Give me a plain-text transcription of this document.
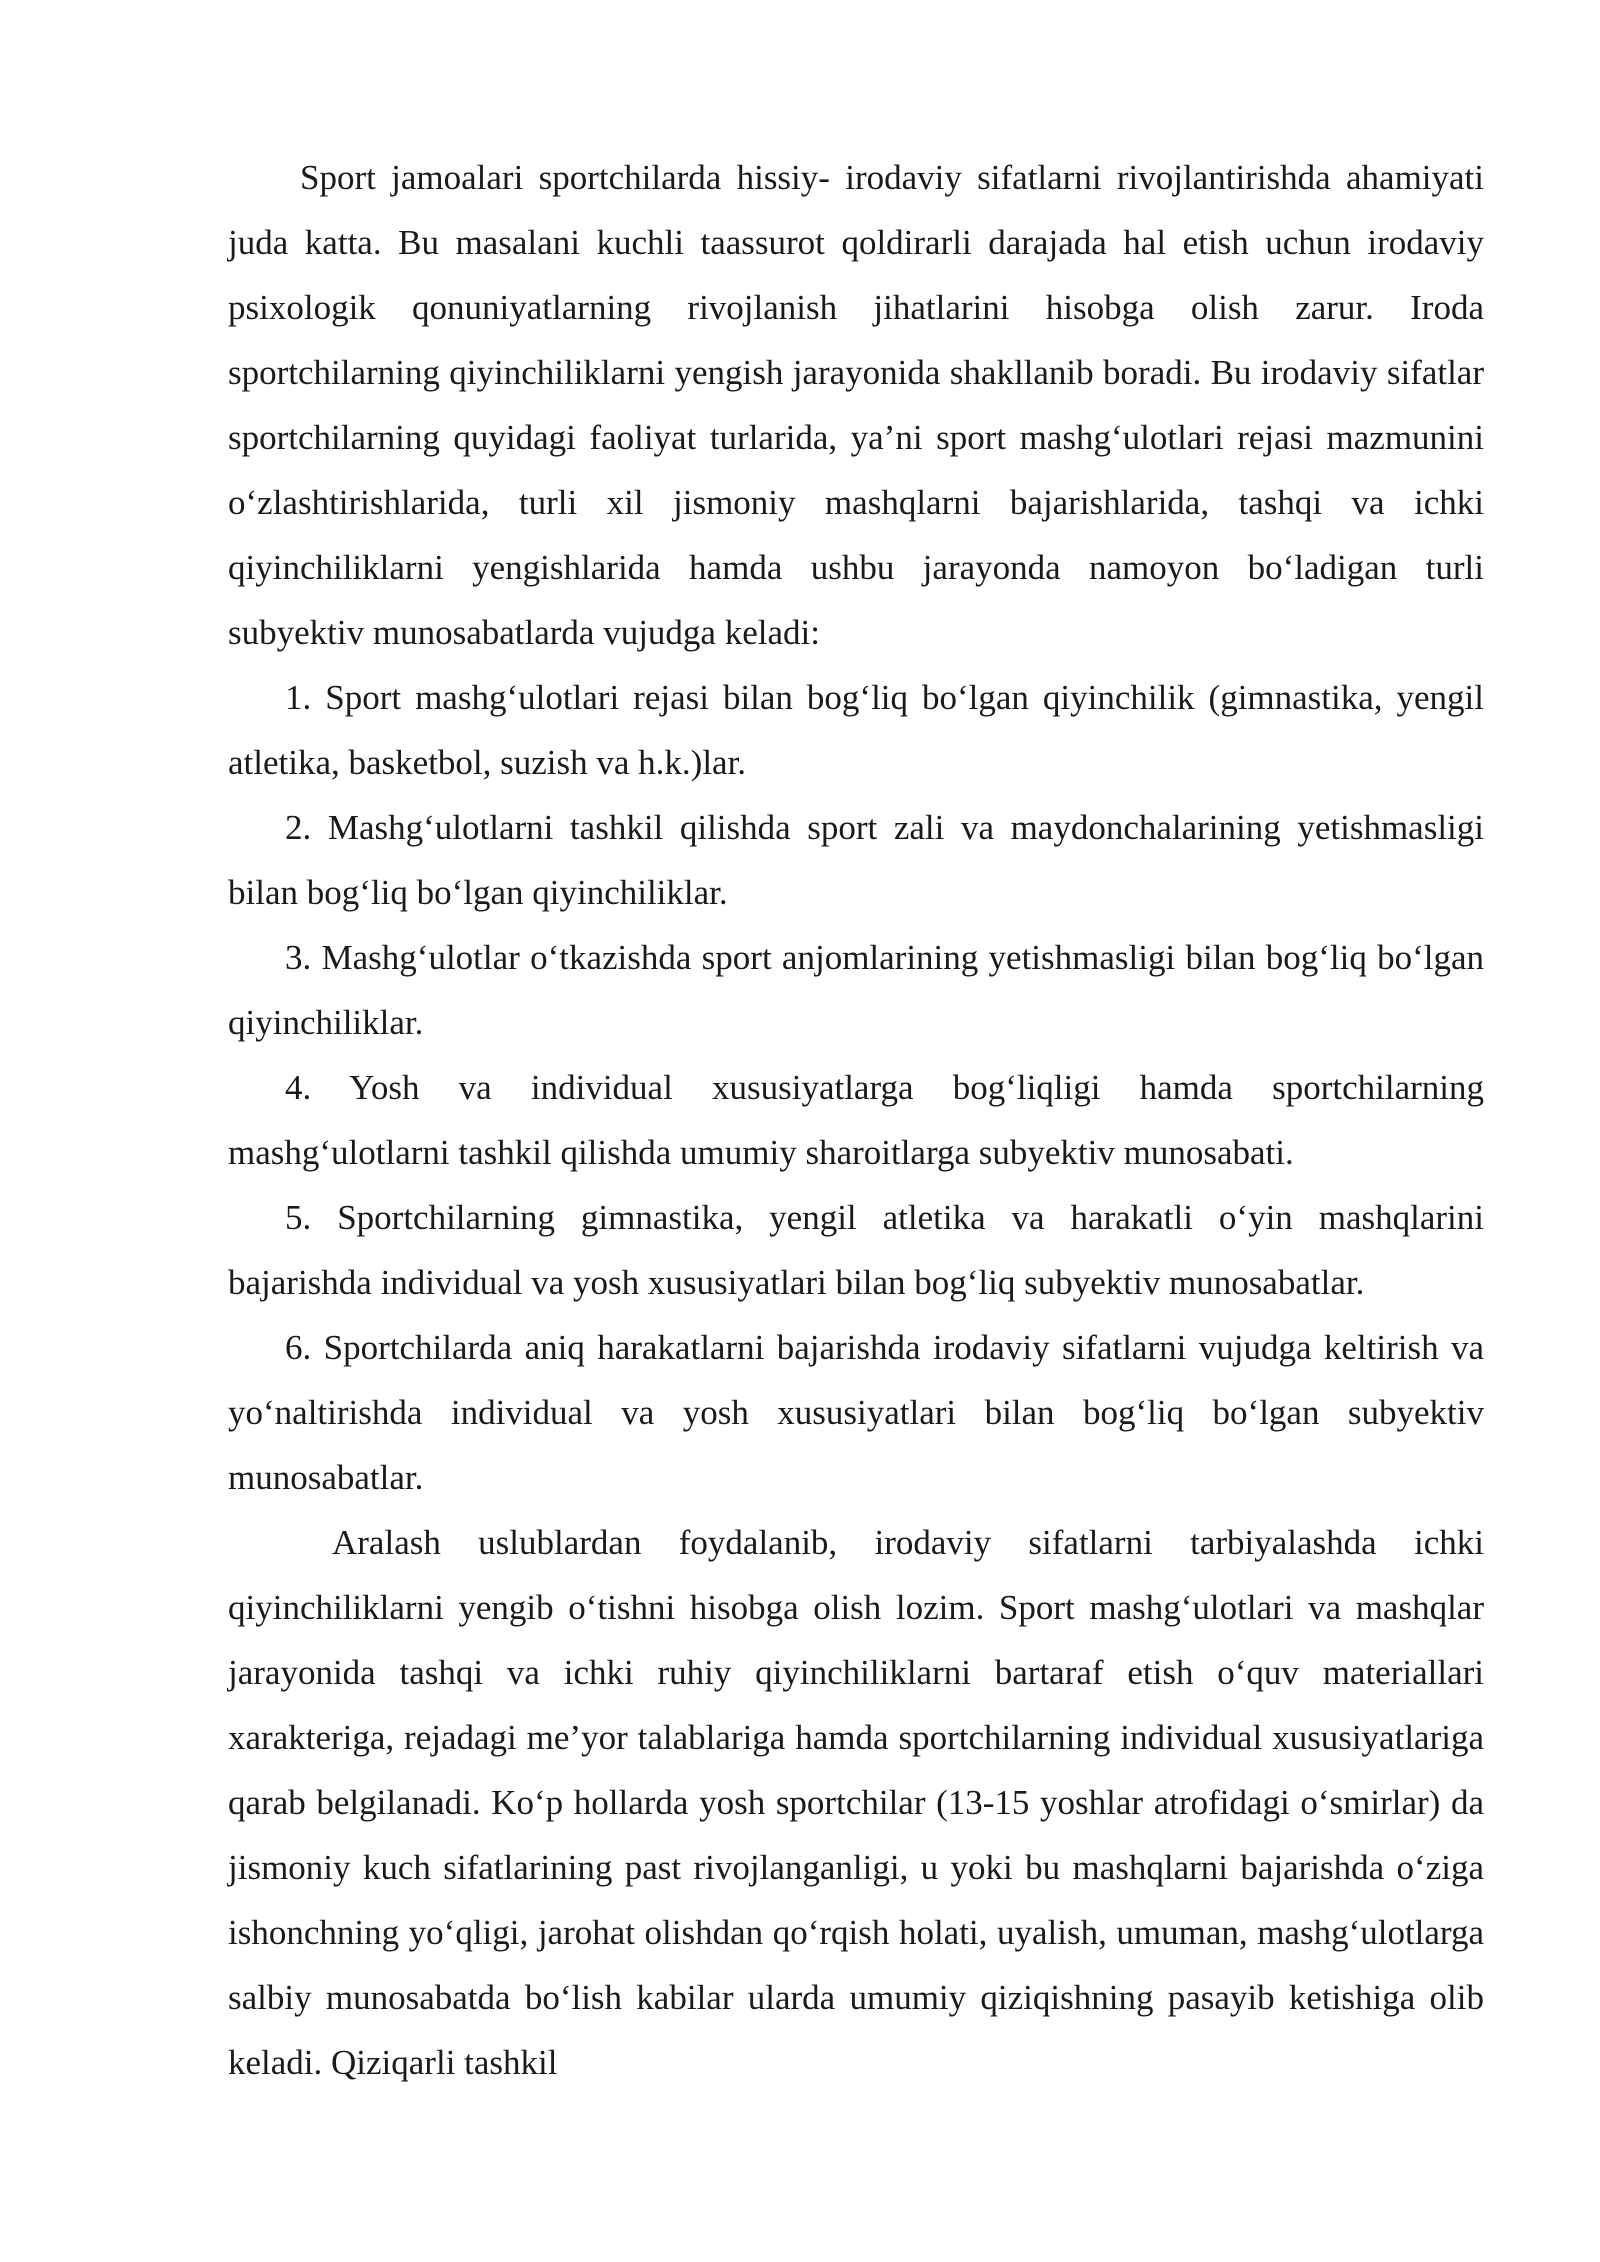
Sport jamoalari sportchilarda hissiy- irodaviy sifatlarni rivojlantirishda ahamiyati juda katta. Bu masalani kuchli taassurot qoldirarli darajada hal etish uchun irodaviy psixologik qonuniyatlarning rivojlanish jihatlarini hisobga olish zarur. Iroda sportchilarning qiyinchiliklarni yengish jarayonida shakllanib boradi. Bu irodaviy sifatlar sportchilarning quyidagi faoliyat turlarida, ya’ni sport mashg‘ulotlari rejasi mazmunini o‘zlashtirishlarida, turli xil jismoniy mashqlarni bajarishlarida, tashqi va ichki qiyinchiliklarni yengishlarida hamda ushbu jarayonda namoyon bo‘ladigan turli subyektiv munosabatlarda vujudga keladi:

1. Sport mashg‘ulotlari rejasi bilan bog‘liq bo‘lgan qiyinchilik (gimnastika, yengil atletika, basketbol, suzish va h.k.)lar.

2. Mashg‘ulotlarni tashkil qilishda sport zali va maydonchalarining yetishmasligi bilan bog‘liq bo‘lgan qiyinchiliklar.

3. Mashg‘ulotlar o‘tkazishda sport anjomlarining yetishmasligi bilan bog‘liq bo‘lgan qiyinchiliklar.

4. Yosh va individual xususiyatlarga bog‘liqligi hamda sportchilarning mashg‘ulotlarni tashkil qilishda umumiy sharoitlarga subyektiv munosabati.

5. Sportchilarning gimnastika, yengil atletika va harakatli o‘yin mashqlarini bajarishda individual va yosh xususiyatlari bilan bog‘liq subyektiv munosabatlar.

6. Sportchilarda aniq harakatlarni bajarishda irodaviy sifatlarni vujudga keltirish va yo‘naltirishda individual va yosh xususiyatlari bilan bog‘liq bo‘lgan subyektiv munosabatlar.

Aralash uslublardan foydalanib, irodaviy sifatlarni tarbiyalashda ichki qiyinchiliklarni yengib o‘tishni hisobga olish lozim. Sport mashg‘ulotlari va mashqlar jarayonida tashqi va ichki ruhiy qiyinchiliklarni bartaraf etish o‘quv materiallari xarakteriga, rejadagi me’yor talablariga hamda sportchilarning individual xususiyatlariga qarab belgilanadi. Ko‘p hollarda yosh sportchilar (13-15 yoshlar atrofidagi o‘smirlar) da jismoniy kuch sifatlarining past rivojlanganligi, u yoki bu mashqlarni bajarishda o‘ziga ishonchning yo‘qligi, jarohat olishdan qo‘rqish holati, uyalish, umuman, mashg‘ulotlarga salbiy munosabatda bo‘lish kabilar ularda umumiy qiziqishning pasayib ketishiga olib keladi. Qiziqarli tashkil
